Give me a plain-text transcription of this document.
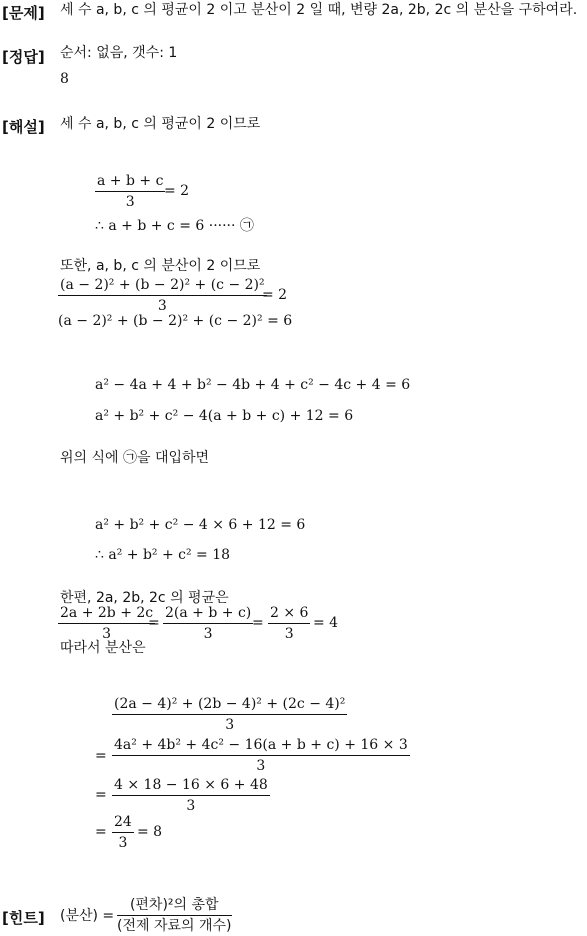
[문제]
[정답]
[해설]
[힌트]
세 수 a, b, c 의 평균이 2 이고 분산이 2 일 때, 변량 2a, 2b, 2c 의 분산을 구하여라.
순서: 없음, 갯수: 1
8
세 수 a, b, c 의 평균이 2 이므로
$\frac{a + b + c}{3}$
= 2
∴ a + b + c = 6 ······ ㉠
또한, a, b, c 의 분산이 2 이므로
$\frac{\text{(a − 2)² + (b − 2)² + (c − 2)²}}{3}$
= 2
(a − 2)² + (b − 2)² + (c − 2)² = 6
a² − 4a + 4 + b² − 4b + 4 + c² − 4c + 4 = 6
a² + b² + c² − 4(a + b + c) + 12 = 6
위의 식에 ㉠을 대입하면
a² + b² + c² − 4 × 6 + 12 = 6
∴ a² + b² + c² = 18
한편, 2a, 2b, 2c 의 평균은
$\frac{2a + 2b + 2c}{3}$
= $\frac{2(a + b + c)}{3}$
= $\frac{2 \times 6}{3} = 4$
따라서 분산은
$\frac{\text{(2a − 4)² + (2b − 4)² + (2c − 4)²}}{3}$
= $\frac{\text{4a² + 4b² + 4c² − 16(a + b + c) + 16 × 3}}{3}$
= $\frac{4 \times 18 - 16 \times 6 + 48}{3}$
= $\frac{24}{3} = 8$
(분산) =
(편차)²의 총합
(전제 자료의 개수)
